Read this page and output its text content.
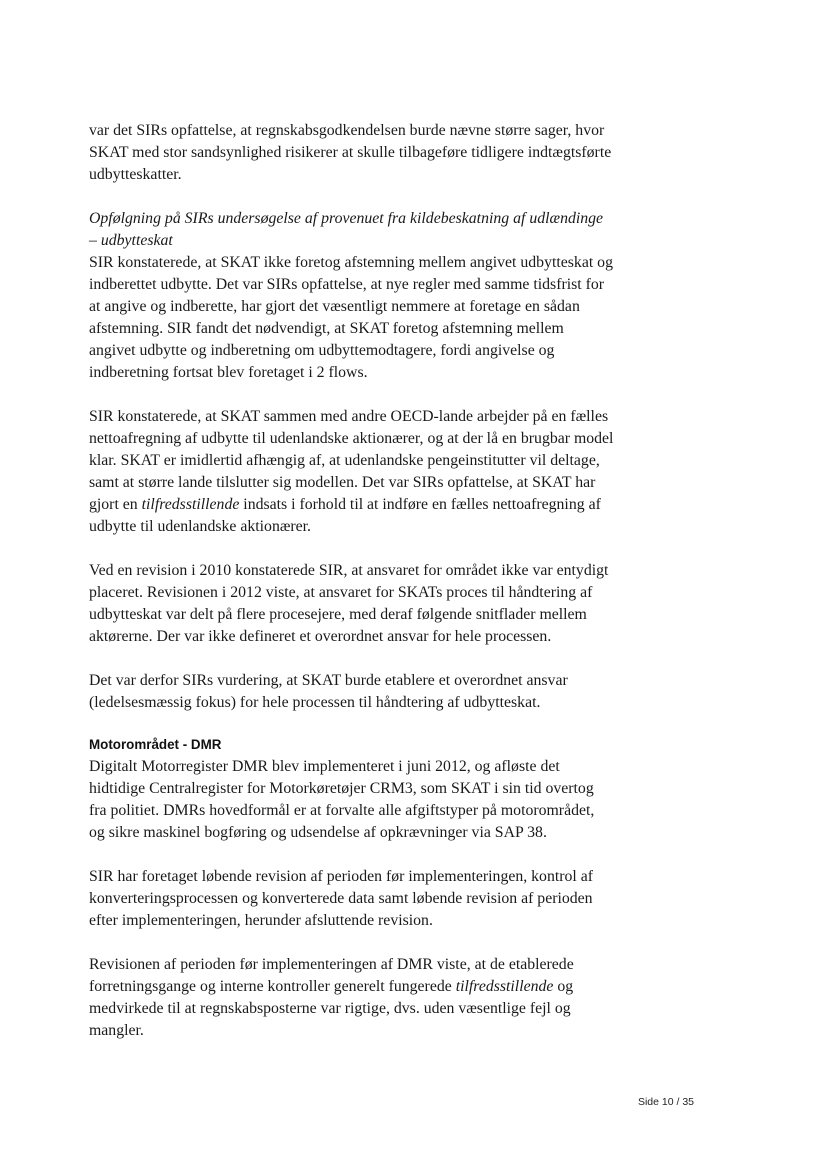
var det SIRs opfattelse, at regnskabsgodkendelsen burde nævne større sager, hvor SKAT med stor sandsynlighed risikerer at skulle tilbageføre tidligere indtægtsførte udbytteskatter.

Opfølgning på SIRs undersøgelse af provenuet fra kildebeskatning af udlændinge – udbytteskat

SIR konstaterede, at SKAT ikke foretog afstemning mellem angivet udbytteskat og indberettet udbytte. Det var SIRs opfattelse, at nye regler med samme tidsfrist for at angive og indberette, har gjort det væsentligt nemmere at foretage en sådan afstemning. SIR fandt det nødvendigt, at SKAT foretog afstemning mellem angivet udbytte og indberetning om udbyttemodtagere, fordi angivelse og indberetning fortsat blev foretaget i 2 flows.

SIR konstaterede, at SKAT sammen med andre OECD-lande arbejder på en fælles nettoafregning af udbytte til udenlandske aktionærer, og at der lå en brugbar model klar. SKAT er imidlertid afhængig af, at udenlandske pengeinstitutter vil deltage, samt at større lande tilslutter sig modellen. Det var SIRs opfattelse, at SKAT har gjort en tilfredsstillende indsats i forhold til at indføre en fælles nettoafregning af udbytte til udenlandske aktionærer.

Ved en revision i 2010 konstaterede SIR, at ansvaret for området ikke var entydigt placeret. Revisionen i 2012 viste, at ansvaret for SKATs proces til håndtering af udbytteskat var delt på flere procesejere, med deraf følgende snitflader mellem aktørerne. Der var ikke defineret et overordnet ansvar for hele processen.

Det var derfor SIRs vurdering, at SKAT burde etablere et overordnet ansvar (ledelsesmæssig fokus) for hele processen til håndtering af udbytteskat.

Motorområdet - DMR

Digitalt Motorregister DMR blev implementeret i juni 2012, og afløste det hidtidige Centralregister for Motorkøretøjer CRM3, som SKAT i sin tid overtog fra politiet. DMRs hovedformål er at forvalte alle afgiftstyper på motorområdet, og sikre maskinel bogføring og udsendelse af opkrævninger via SAP 38.

SIR har foretaget løbende revision af perioden før implementeringen, kontrol af konverteringsprocessen og konverterede data samt løbende revision af perioden efter implementeringen, herunder afsluttende revision.

Revisionen af perioden før implementeringen af DMR viste, at de etablerede forretningsgange og interne kontroller generelt fungerede tilfredsstillende og medvirkede til at regnskabsposterne var rigtige, dvs. uden væsentlige fejl og mangler.

Side 10 / 35
